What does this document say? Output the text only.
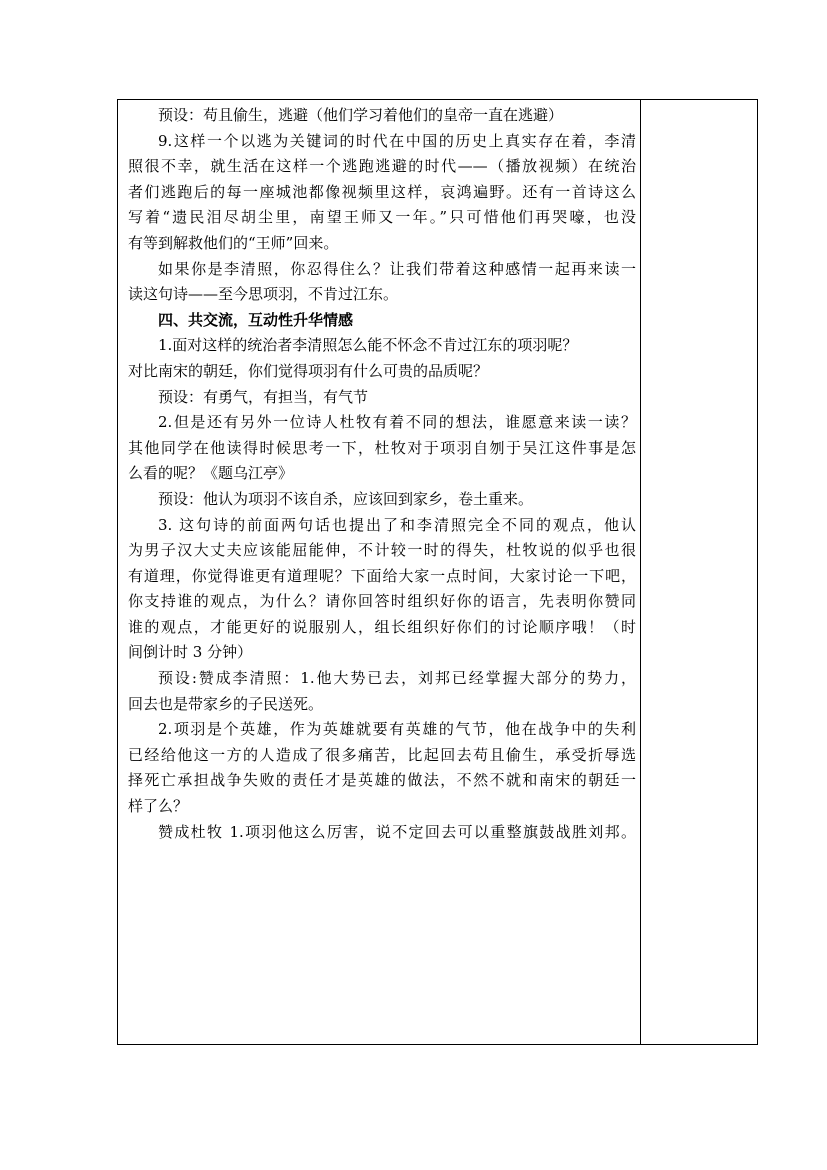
预设：苟且偷生，逃避（他们学习着他们的皇帝一直在逃避）
9.这样一个以逃为关键词的时代在中国的历史上真实存在着，李清
照很不幸，就生活在这样一个逃跑逃避的时代——（播放视频）在统治
者们逃跑后的每一座城池都像视频里这样，哀鸿遍野。还有一首诗这么
写着“遗民泪尽胡尘里，南望王师又一年。”只可惜他们再哭嚎，也没
有等到解救他们的“王师”回来。
如果你是李清照，你忍得住么？让我们带着这种感情一起再来读一
读这句诗——至今思项羽，不肯过江东。
四、共交流，互动性升华情感
1.面对这样的统治者李清照怎么能不怀念不肯过江东的项羽呢？
对比南宋的朝廷，你们觉得项羽有什么可贵的品质呢？
预设：有勇气，有担当，有气节
2.但是还有另外一位诗人杜牧有着不同的想法，谁愿意来读一读？
其他同学在他读得时候思考一下，杜牧对于项羽自刎于吴江这件事是怎
么看的呢？《题乌江亭》
预设：他认为项羽不该自杀，应该回到家乡，卷土重来。
3. 这句诗的前面两句话也提出了和李清照完全不同的观点，他认
为男子汉大丈夫应该能屈能伸，不计较一时的得失，杜牧说的似乎也很
有道理，你觉得谁更有道理呢？下面给大家一点时间，大家讨论一下吧，
你支持谁的观点，为什么？请你回答时组织好你的语言，先表明你赞同
谁的观点，才能更好的说服别人，组长组织好你们的讨论顺序哦！（时
间倒计时 3 分钟）
预设:赞成李清照：1.他大势已去，刘邦已经掌握大部分的势力，
回去也是带家乡的子民送死。
2.项羽是个英雄，作为英雄就要有英雄的气节，他在战争中的失利
已经给他这一方的人造成了很多痛苦，比起回去苟且偷生，承受折辱选
择死亡承担战争失败的责任才是英雄的做法，不然不就和南宋的朝廷一
样了么？
赞成杜牧 1.项羽他这么厉害，说不定回去可以重整旗鼓战胜刘邦。
